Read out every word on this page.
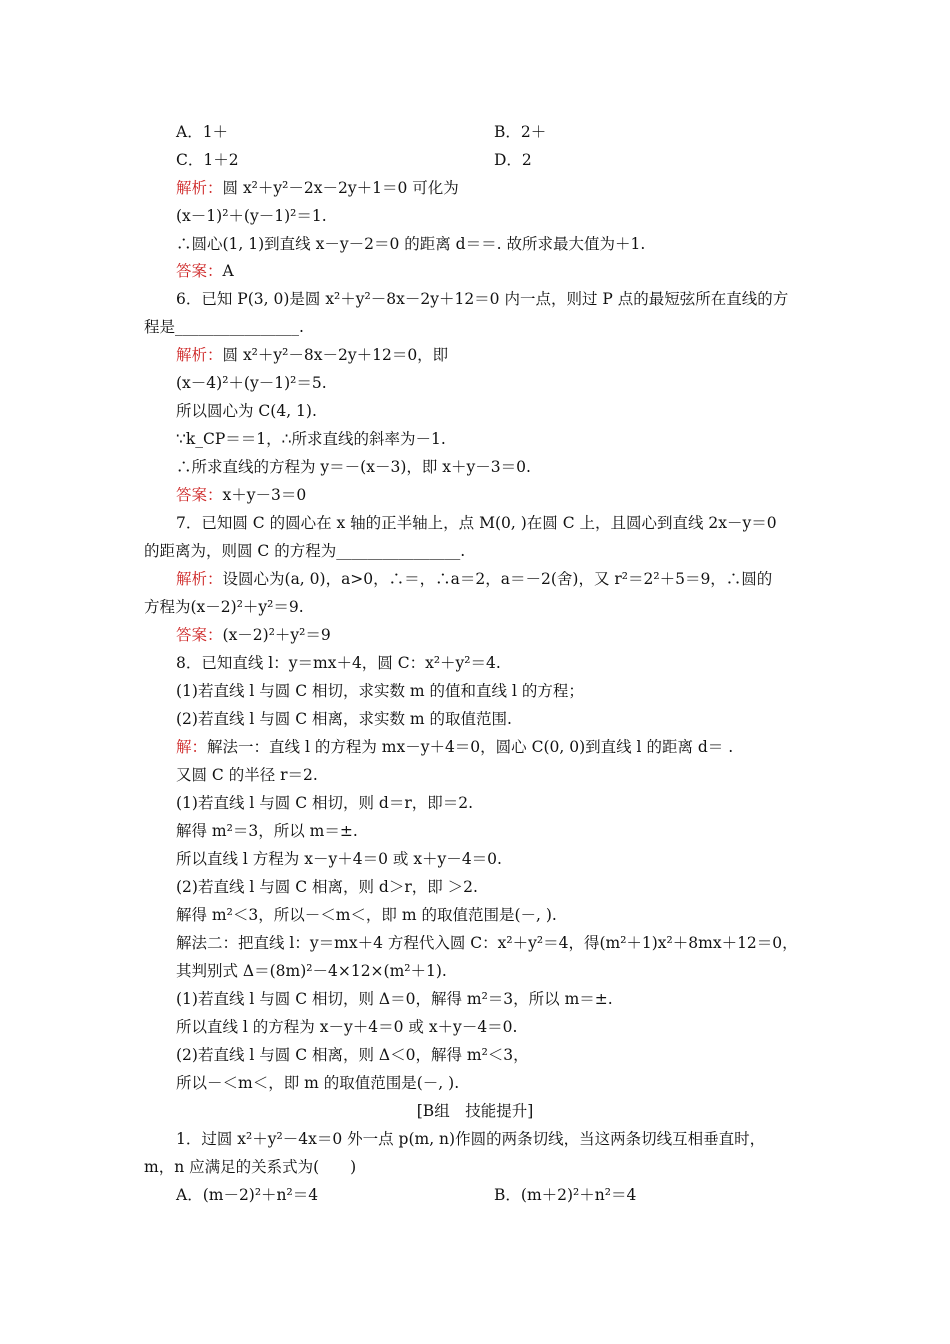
A．1＋	B．2＋
C．1＋2	D．2
解析：圆 x²＋y²－2x－2y＋1＝0 可化为
(x－1)²＋(y－1)²＝1.
∴圆心(1, 1)到直线 x－y－2＝0 的距离 d＝＝. 故所求最大值为＋1.
答案：A
6．已知 P(3, 0)是圆 x²＋y²－8x－2y＋12＝0 内一点，则过 P 点的最短弦所在直线的方
程是________________.
解析：圆 x²＋y²－8x－2y＋12＝0，即
(x－4)²＋(y－1)²＝5.
所以圆心为 C(4, 1).
∵k_CP＝＝1，∴所求直线的斜率为－1.
∴所求直线的方程为 y＝－(x－3)，即 x＋y－3＝0.
答案：x＋y－3＝0
7．已知圆 C 的圆心在 x 轴的正半轴上，点 M(0, )在圆 C 上，且圆心到直线 2x－y＝0
的距离为，则圆 C 的方程为________________.
解析：设圆心为(a, 0)，a>0，∴＝，∴a＝2，a＝－2(舍)，又 r²＝2²＋5＝9，∴圆的
方程为(x－2)²＋y²＝9.
答案：(x－2)²＋y²＝9
8．已知直线 l：y＝mx＋4，圆 C：x²＋y²＝4.
(1)若直线 l 与圆 C 相切，求实数 m 的值和直线 l 的方程；
(2)若直线 l 与圆 C 相离，求实数 m 的取值范围.
解：解法一：直线 l 的方程为 mx－y＋4＝0，圆心 C(0, 0)到直线 l 的距离 d＝ .
又圆 C 的半径 r＝2.
(1)若直线 l 与圆 C 相切，则 d＝r，即＝2.
解得 m²＝3，所以 m＝±.
所以直线 l 方程为 x－y＋4＝0 或 x＋y－4＝0.
(2)若直线 l 与圆 C 相离，则 d＞r，即 ＞2.
解得 m²＜3，所以－＜m＜，即 m 的取值范围是(－, ).
解法二：把直线 l：y＝mx＋4 方程代入圆 C：x²＋y²＝4，得(m²＋1)x²＋8mx＋12＝0，
其判别式 Δ＝(8m)²－4×12×(m²＋1).
(1)若直线 l 与圆 C 相切，则 Δ＝0，解得 m²＝3，所以 m＝±.
所以直线 l 的方程为 x－y＋4＝0 或 x＋y－4＝0.
(2)若直线 l 与圆 C 相离，则 Δ＜0，解得 m²＜3，
所以－＜m＜，即 m 的取值范围是(－, ).
[B组　技能提升]
1．过圆 x²＋y²－4x＝0 外一点 p(m, n)作圆的两条切线，当这两条切线互相垂直时，
m，n 应满足的关系式为(　　)
A．(m－2)²＋n²＝4	B．(m＋2)²＋n²＝4
